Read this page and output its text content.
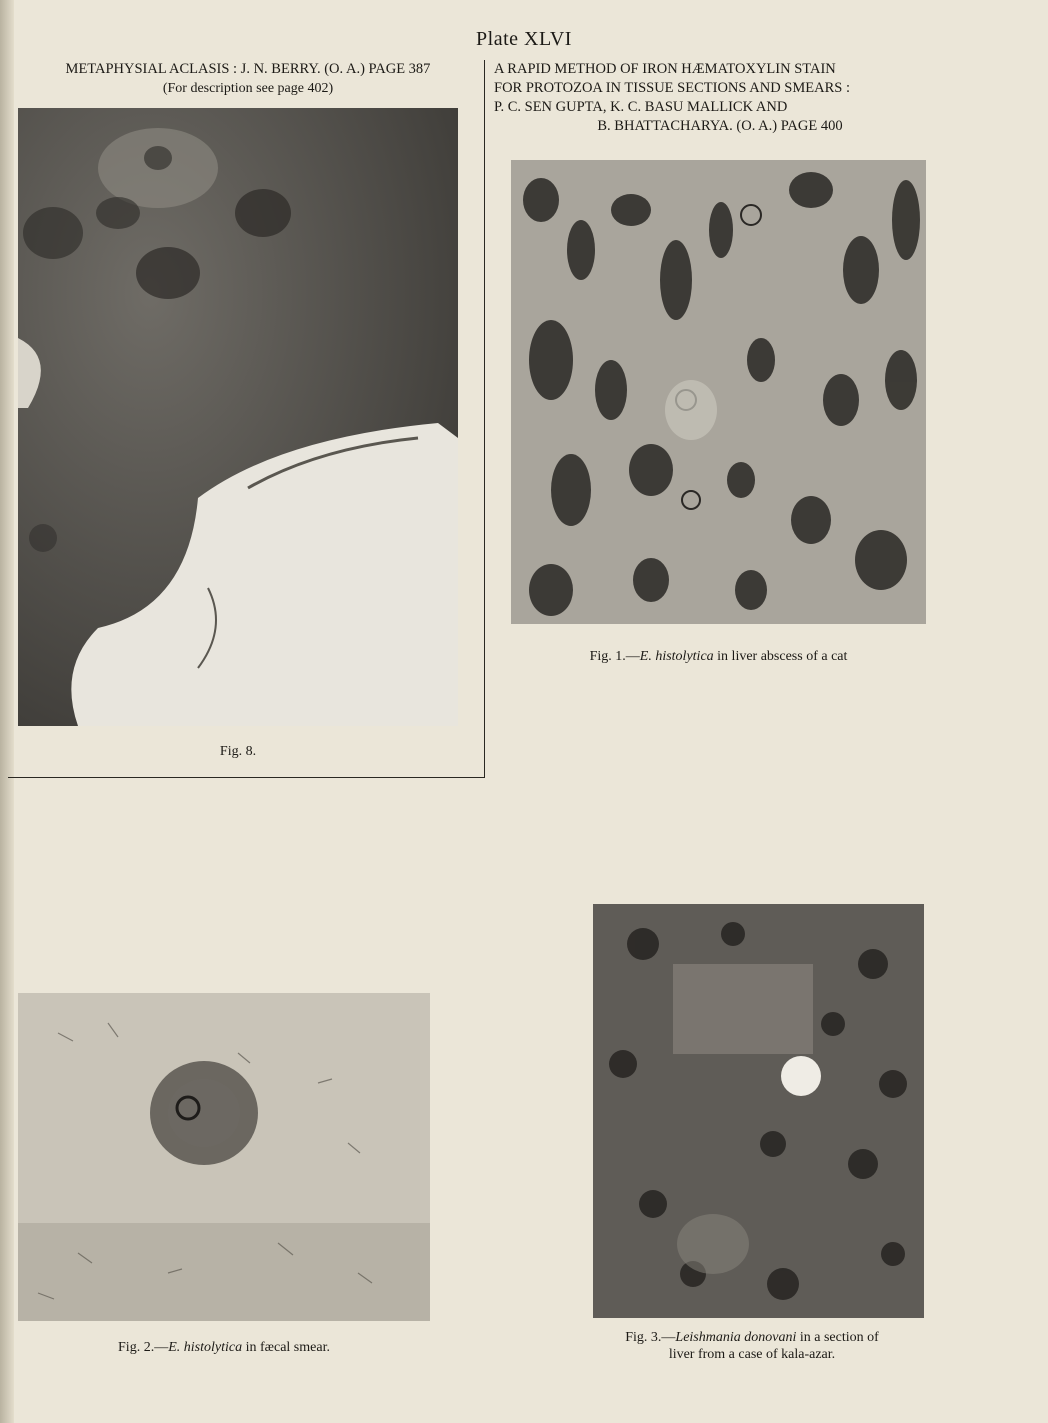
Plate XLVI
METAPHYSIAL ACLASIS : J. N. BERRY. (O. A.) PAGE 387
(For description see page 402)
A RAPID METHOD OF IRON HÆMATOXYLIN STAIN
FOR PROTOZOA IN TISSUE SECTIONS AND SMEARS :
P. C. SEN GUPTA, K. C. BASU MALLICK AND
B. BHATTACHARYA. (O. A.) PAGE 400
Fig. 8.
Fig. 1.—E. histolytica in liver abscess of a cat
Fig. 2.—E. histolytica in fæcal smear.
Fig. 3.—Leishmania donovani in a section of
liver from a case of kala-azar.
